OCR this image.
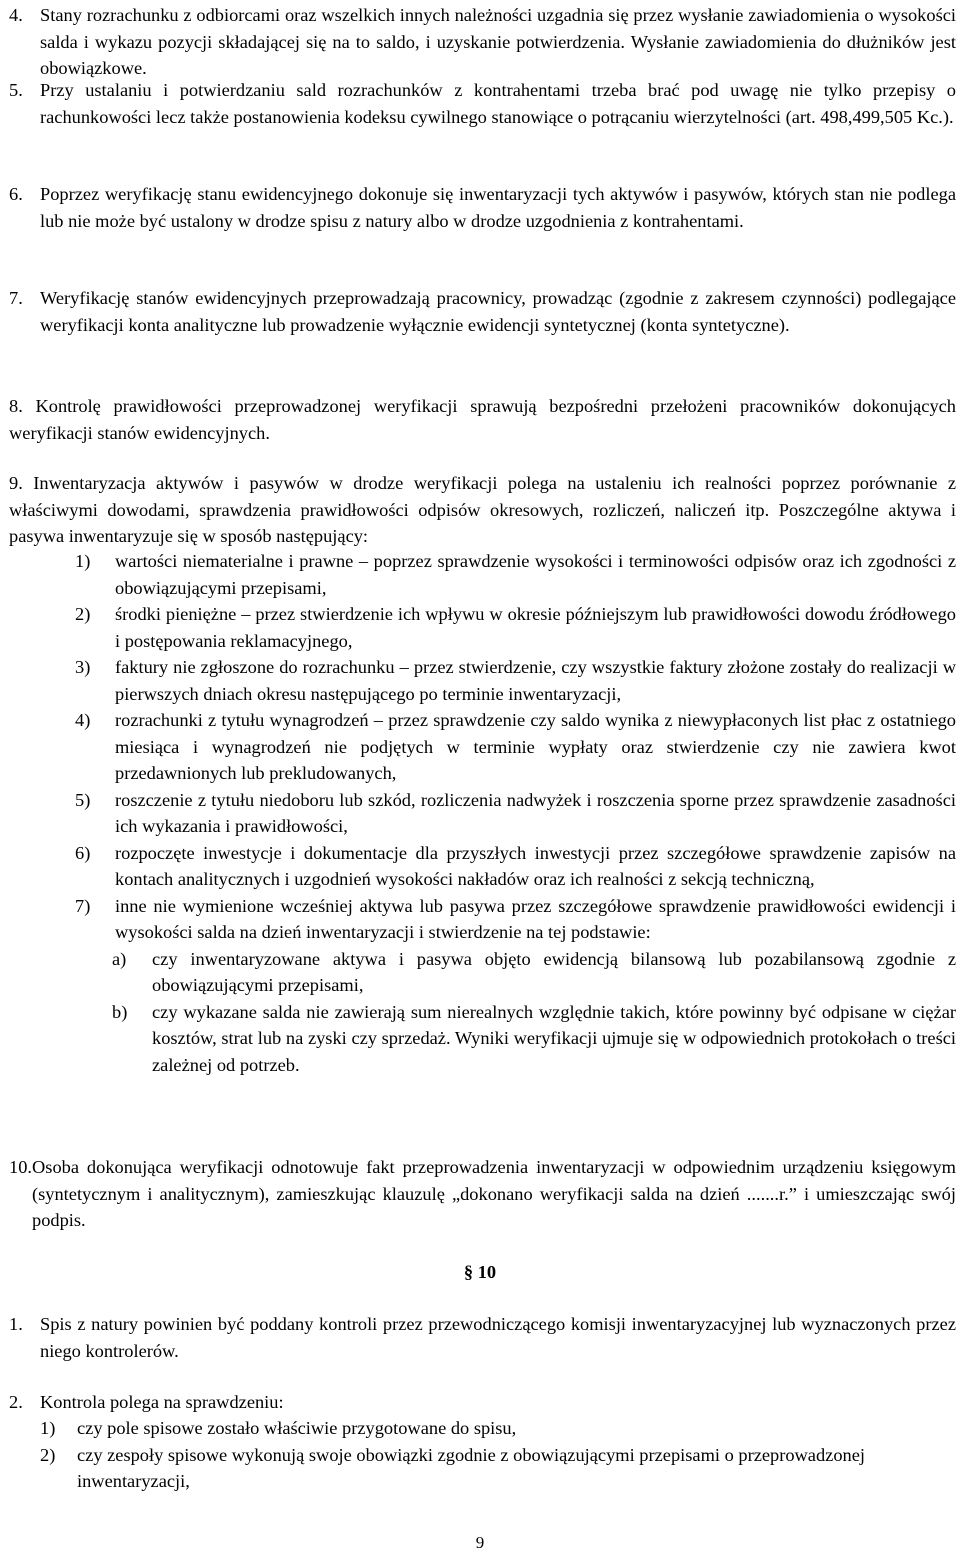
4. Stany rozrachunku z odbiorcami oraz wszelkich innych należności uzgadnia się przez wysłanie zawiadomienia o wysokości salda i wykazu pozycji składającej się na to saldo, i uzyskanie potwierdzenia. Wysłanie zawiadomienia do dłużników jest obowiązkowe.
5. Przy ustalaniu i potwierdzaniu sald rozrachunków z kontrahentami trzeba brać pod uwagę nie tylko przepisy o rachunkowości lecz także postanowienia kodeksu cywilnego stanowiące o potrącaniu wierzytelności (art. 498,499,505 Kc.).
6. Poprzez weryfikację stanu ewidencyjnego dokonuje się inwentaryzacji tych aktywów i pasywów, których stan nie podlega lub nie może być ustalony w drodze spisu z natury albo w drodze uzgodnienia z kontrahentami.
7. Weryfikację stanów ewidencyjnych przeprowadzają pracownicy, prowadząc (zgodnie z zakresem czynności) podlegające weryfikacji konta analityczne lub prowadzenie wyłącznie ewidencji syntetycznej (konta syntetyczne).
8. Kontrolę prawidłowości przeprowadzonej weryfikacji sprawują bezpośredni przełożeni pracowników dokonujących weryfikacji stanów ewidencyjnych.
9. Inwentaryzacja aktywów i pasywów w drodze weryfikacji polega na ustaleniu ich realności poprzez porównanie z właściwymi dowodami, sprawdzenia prawidłowości odpisów okresowych, rozliczeń, naliczeń itp. Poszczególne aktywa i pasywa inwentaryzuje się w sposób następujący:
1) wartości niematerialne i prawne – poprzez sprawdzenie wysokości i terminowości odpisów oraz ich zgodności z obowiązującymi przepisami,
2) środki pieniężne – przez stwierdzenie ich wpływu w okresie późniejszym lub prawidłowości dowodu źródłowego i postępowania reklamacyjnego,
3) faktury nie zgłoszone do rozrachunku – przez stwierdzenie, czy wszystkie faktury złożone zostały do realizacji w pierwszych dniach okresu następującego po terminie inwentaryzacji,
4) rozrachunki z tytułu wynagrodzeń – przez sprawdzenie czy saldo wynika z niewypłaconych list płac z ostatniego miesiąca i wynagrodzeń nie podjętych w terminie wypłaty oraz stwierdzenie czy nie zawiera kwot przedawnionych lub prekludowanych,
5) roszczenie z tytułu niedoboru lub szkód, rozliczenia nadwyżek i roszczenia sporne przez sprawdzenie zasadności ich wykazania i prawidłowości,
6) rozpoczęte inwestycje i dokumentacje dla przyszłych inwestycji przez szczegółowe sprawdzenie zapisów na kontach analitycznych i uzgodnień wysokości nakładów oraz ich realności z sekcją techniczną,
7) inne nie wymienione wcześniej aktywa lub pasywa przez szczegółowe sprawdzenie prawidłowości ewidencji i wysokości salda na dzień inwentaryzacji i stwierdzenie na tej podstawie:
a) czy inwentaryzowane aktywa i pasywa objęto ewidencją bilansową lub pozabilansową zgodnie z obowiązującymi przepisami,
b) czy wykazane salda nie zawierają sum nierealnych względnie takich, które powinny być odpisane w ciężar kosztów, strat lub na zyski czy sprzedaż. Wyniki weryfikacji ujmuje się w odpowiednich protokołach o treści zależnej od potrzeb.
10. Osoba dokonująca weryfikacji odnotowuje fakt przeprowadzenia inwentaryzacji w odpowiednim urządzeniu księgowym (syntetycznym i analitycznym), zamieszkując klauzulę „dokonano weryfikacji salda na dzień .......r.” i umieszczając swój podpis.
§ 10
1. Spis z natury powinien być poddany kontroli przez przewodniczącego komisji inwentaryzacyjnej lub wyznaczonych przez niego kontrolerów.
2. Kontrola polega na sprawdzeniu:
1) czy pole spisowe zostało właściwie przygotowane do spisu,
2) czy zespoły spisowe wykonują swoje obowiązki zgodnie z obowiązującymi przepisami o przeprowadzonej inwentaryzacji,
9
